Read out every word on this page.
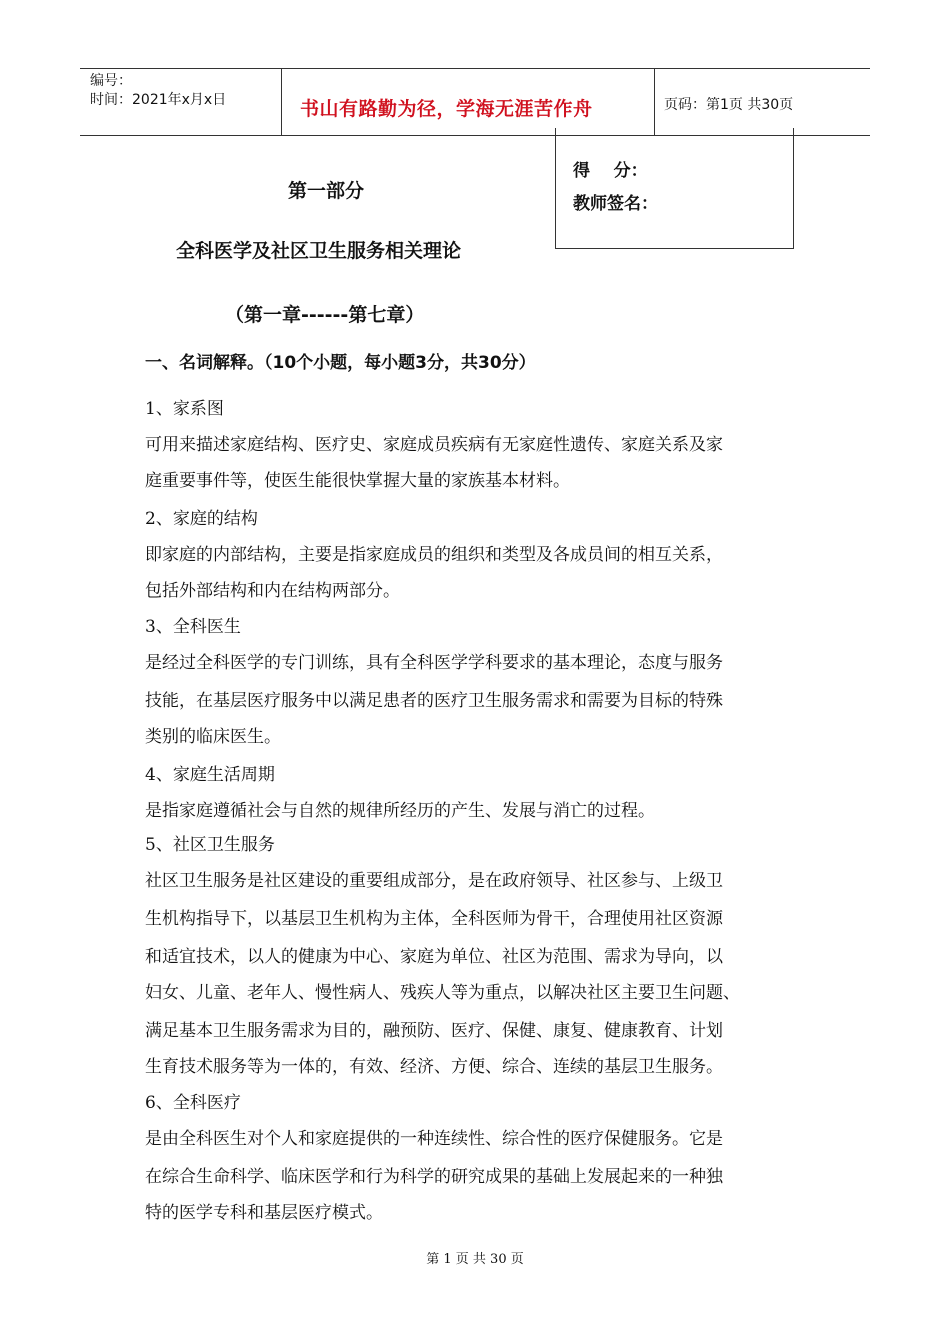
编号：
时间：2021年x月x日	书山有路勤为径，学海无涯苦作舟	页码：第1页 共30页
得    分：
教师签名：
第一部分
全科医学及社区卫生服务相关理论
（第一章------第七章）
一、名词解释。（10个小题，每小题3分，共30分）
1、家系图
可用来描述家庭结构、医疗史、家庭成员疾病有无家庭性遗传、家庭关系及家
庭重要事件等，使医生能很快掌握大量的家族基本材料。
2、家庭的结构
即家庭的内部结构，主要是指家庭成员的组织和类型及各成员间的相互关系，
包括外部结构和内在结构两部分。
3、全科医生
是经过全科医学的专门训练，具有全科医学学科要求的基本理论，态度与服务
技能，在基层医疗服务中以满足患者的医疗卫生服务需求和需要为目标的特殊
类别的临床医生。
4、家庭生活周期
是指家庭遵循社会与自然的规律所经历的产生、发展与消亡的过程。
5、社区卫生服务
社区卫生服务是社区建设的重要组成部分，是在政府领导、社区参与、上级卫
生机构指导下，以基层卫生机构为主体，全科医师为骨干，合理使用社区资源
和适宜技术，以人的健康为中心、家庭为单位、社区为范围、需求为导向，以
妇女、儿童、老年人、慢性病人、残疾人等为重点，以解决社区主要卫生问题、
满足基本卫生服务需求为目的，融预防、医疗、保健、康复、健康教育、计划
生育技术服务等为一体的，有效、经济、方便、综合、连续的基层卫生服务。
6、全科医疗
是由全科医生对个人和家庭提供的一种连续性、综合性的医疗保健服务。它是
在综合生命科学、临床医学和行为科学的研究成果的基础上发展起来的一种独
特的医学专科和基层医疗模式。
第 1 页 共 30 页
